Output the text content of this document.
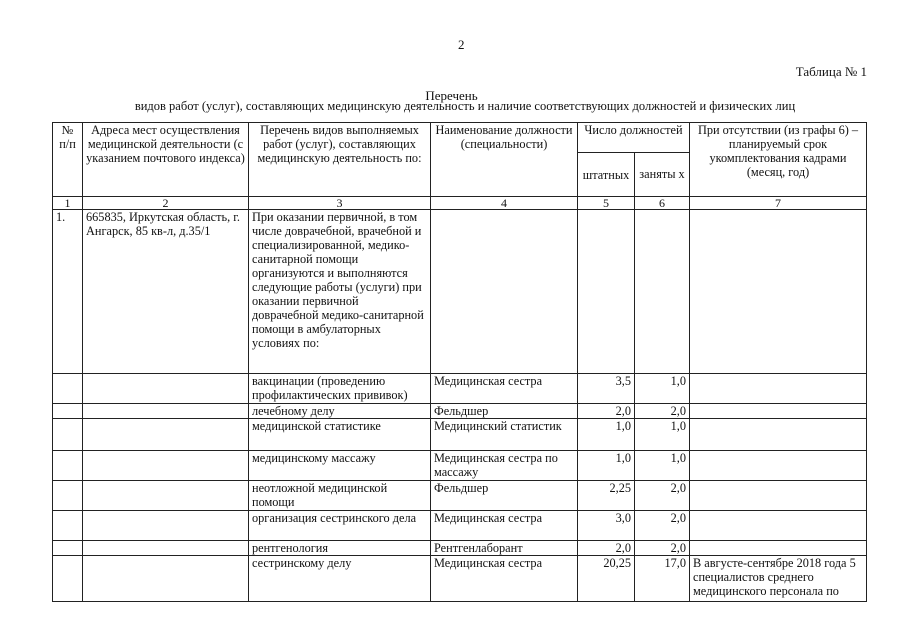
2
Таблица № 1
Перечень
видов работ (услуг), составляющих медицинскую деятельность и наличие соответствующих должностей и физических лиц
№ п/п	Адреса мест осуществления медицинской деятельности (с указанием почтового индекса)	Перечень видов выполняемых работ (услуг), составляющих медицинскую деятельность по:	Наименование должности (специальности)	Число должностей		При отсутствии (из графы 6) – планируемый срок укомплектования кадрами (месяц, год)
				штатных	заняты х	
1	2	3	4	5	6	7
1.	665835, Иркутская область, г. Ангарск, 85 кв-л, д.35/1	При оказании первичной, в том числе доврачебной, врачебной и специализированной, медико-санитарной помощи организуются и выполняются следующие работы (услуги) при оказании первичной доврачебной медико-санитарной помощи в амбулаторных условиях по:				
		вакцинации (проведению профилактических прививок)	Медицинская сестра	3,5	1,0	
		лечебному делу	Фельдшер	2,0	2,0	
		медицинской статистике	Медицинский статистик	1,0	1,0	
		медицинскому массажу	Медицинская сестра по массажу	1,0	1,0	
		неотложной медицинской помощи	Фельдшер	2,25	2,0	
		организация сестринского дела	Медицинская сестра	3,0	2,0	
		рентгенология	Рентгенлаборант	2,0	2,0	
		сестринскому делу	Медицинская сестра	20,25	17,0	В августе-сентябре 2018 года 5 специалистов среднего медицинского персонала по
